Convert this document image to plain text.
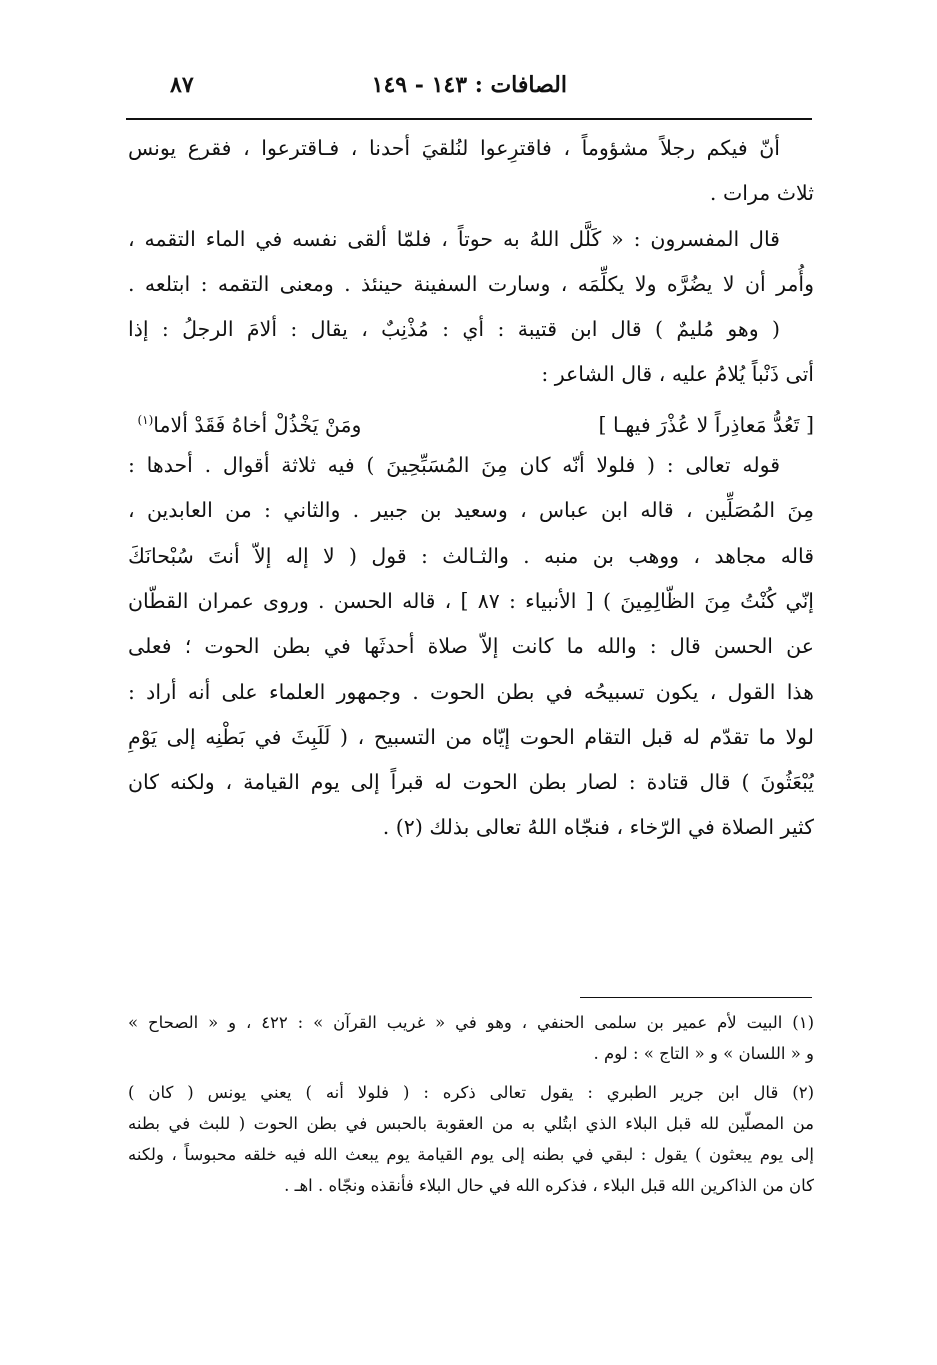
الصافات : ١٤٣ - ١٤٩
٨٧
أنّ فيكم رجلاً مشؤوماً ، فاقترِعوا لنُلقيَ أحدنا ، فـاقترعوا ، فقرع يونس
ثلاث مرات .
قال المفسرون : « كَلَّل اللهُ به حوتاً ، فلمّا ألقى نفسه في الماء التقمه ،
وأُمر أن لا يضُرَّه ولا يكلِّمَه ، وسارت السفينة حينئذ . ومعنى التقمه : ابتلعه .
( وهو مُليمٌ ) قال ابن قتيبة : أي : مُذْنِبٌ ، يقال : ألامَ الرجلُ : إذا
أتى ذَنْباً يُلامُ عليه ، قال الشاعر :
[ تَعُدُّ مَعاذِراً لا عُذْرَ فيهـا ] ومَنْ يَخْذُلْ أخاهُ فَقَدْ ألاما$^{(١)}$
قوله تعالى : ( فلولا أنّه كان مِنَ المُسَبِّحِينَ ) فيه ثلاثة أقوال . أحدها :
مِنَ المُصَلِّين ، قاله ابن عباس ، وسعيد بن جبير . والثاني : من العابدين ،
قاله مجاهد ، ووهب بن منبه . والثـالث : قول ( لا إله إلاّ أنتَ سُبْحانَكَ
إنّي كُنْتُ مِنَ الظّالِمِينَ ) [ الأنبياء : ٨٧ ] ، قاله الحسن . وروى عمران القطّان
عن الحسن قال : والله ما كانت إلاّ صلاة أحدثَها في بطن الحوت ؛ فعلى
هذا القول ، يكون تسبيحُه في بطن الحوت . وجمهور العلماء على أنه أراد :
لولا ما تقدّم له قبل التقام الحوت إيّاه من التسبيح ، ( لَلَبِثَ في بَطْنِه إلى يَوْمِ
يُبْعَثُونَ ) قال قتادة : لصار بطن الحوت له قبراً إلى يوم القيامة ، ولكنه كان
كثير الصلاة في الرّخاء ، فنجّاه اللهُ تعالى بذلك (٢) .
(١) البيت لأم عمير بن سلمى الحنفي ، وهو في « غريب القرآن » : ٤٢٢ ، و « الصحاح »
و « اللسان » و « التاج » : لوم .
(٢) قال ابن جرير الطبري : يقول تعالى ذكره : ( فلولا أنه ) يعني يونس ( كان )
من المصلّين لله قبل البلاء الذي ابتُلي به من العقوبة بالحبس في بطن الحوت ( للبث في بطنه
إلى يوم يبعثون ) يقول : لبقي في بطنه إلى يوم القيامة يوم يبعث الله فيه خلقه محبوساً ، ولكنه
كان من الذاكرين الله قبل البلاء ، فذكره الله في حال البلاء فأنقذه ونجّاه . اهـ .
